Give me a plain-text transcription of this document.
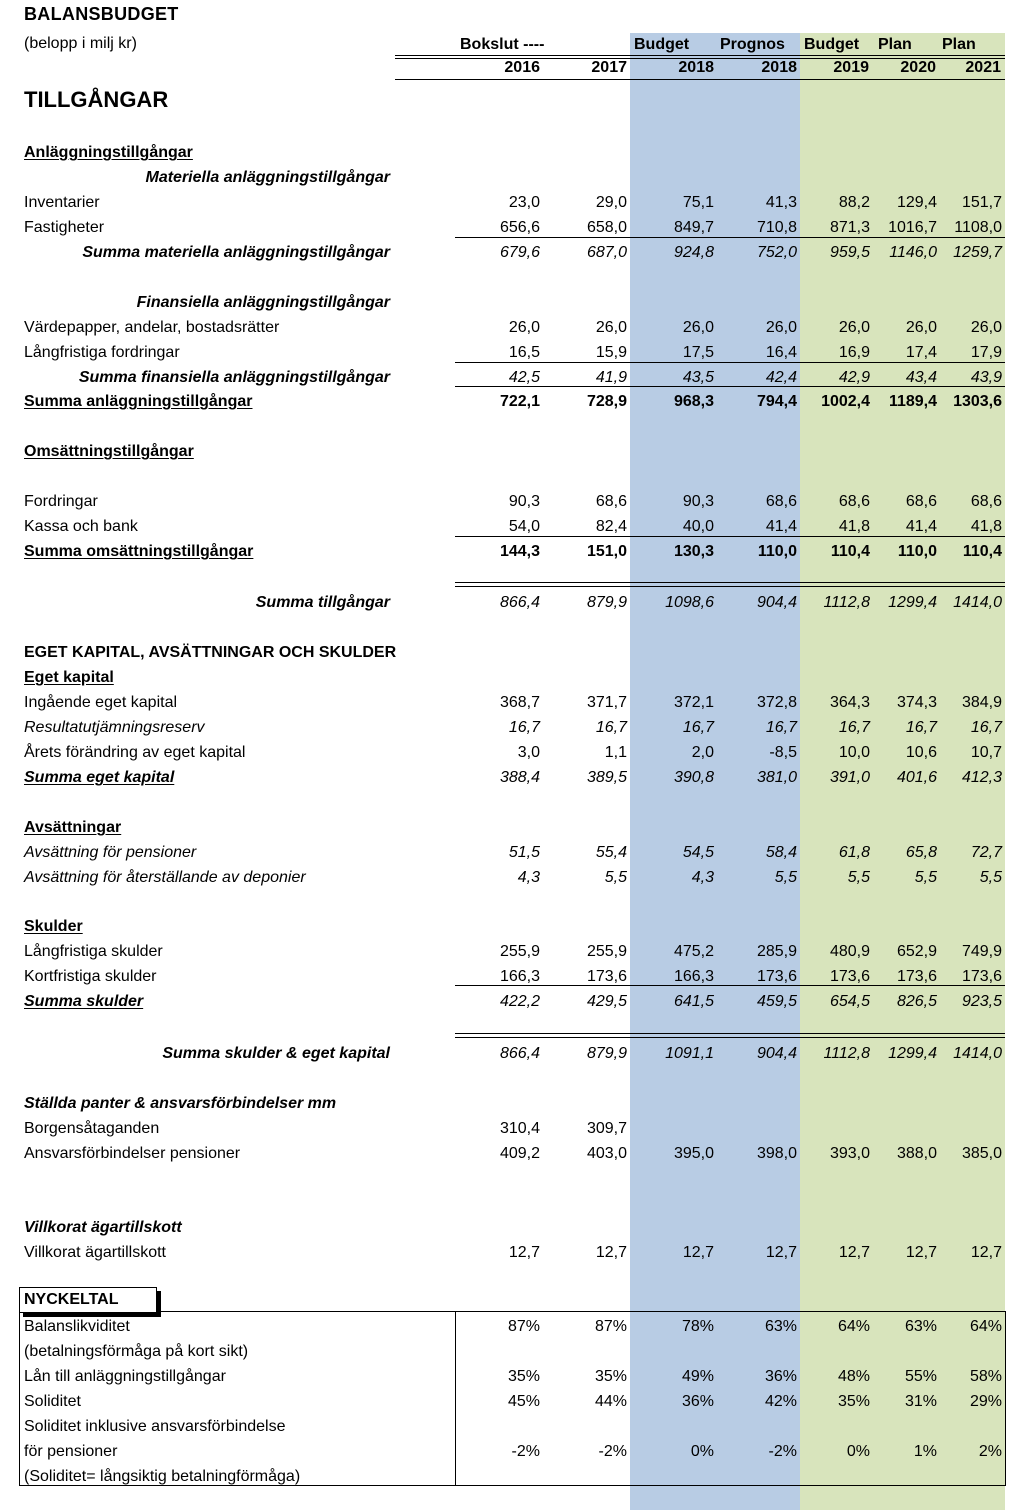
BALANSBUDGET
(belopp i milj kr)
TILLGÅNGAR
Bokslut ----	Budget Prognos Budget Plan Plan
2016	2017	2018	2018	2019	2020	2021
Anläggningstillgångar
Materiella anläggningstillgångar
Inventarier	23,0	29,0	75,1	41,3	88,2	129,4	151,7
Fastigheter	656,6	658,0	849,7	710,8	871,3	1016,7	1108,0
Summa materiella anläggningstillgångar	679,6	687,0	924,8	752,0	959,5	1146,0	1259,7
Finansiella anläggningstillgångar
Värdepapper, andelar, bostadsrätter	26,0	26,0	26,0	26,0	26,0	26,0	26,0
Långfristiga fordringar	16,5	15,9	17,5	16,4	16,9	17,4	17,9
Summa finansiella anläggningstillgångar	42,5	41,9	43,5	42,4	42,9	43,4	43,9
Summa anläggningstillgångar	722,1	728,9	968,3	794,4	1002,4	1189,4	1303,6
Omsättningstillgångar
Fordringar	90,3	68,6	90,3	68,6	68,6	68,6	68,6
Kassa och bank	54,0	82,4	40,0	41,4	41,8	41,4	41,8
Summa omsättningstillgångar	144,3	151,0	130,3	110,0	110,4	110,0	110,4
Summa tillgångar	866,4	879,9	1098,6	904,4	1112,8	1299,4	1414,0
EGET KAPITAL, AVSÄTTNINGAR OCH SKULDER
Eget kapital
Ingående eget kapital	368,7	371,7	372,1	372,8	364,3	374,3	384,9
Resultatutjämningsreserv	16,7	16,7	16,7	16,7	16,7	16,7	16,7
Årets förändring av eget kapital	3,0	1,1	2,0	-8,5	10,0	10,6	10,7
Summa eget kapital	388,4	389,5	390,8	381,0	391,0	401,6	412,3
Avsättningar
Avsättning för pensioner	51,5	55,4	54,5	58,4	61,8	65,8	72,7
Avsättning för återställande av deponier	4,3	5,5	4,3	5,5	5,5	5,5	5,5
Skulder
Långfristiga skulder	255,9	255,9	475,2	285,9	480,9	652,9	749,9
Kortfristiga skulder	166,3	173,6	166,3	173,6	173,6	173,6	173,6
Summa skulder	422,2	429,5	641,5	459,5	654,5	826,5	923,5
Summa skulder & eget kapital	866,4	879,9	1091,1	904,4	1112,8	1299,4	1414,0
Ställda panter & ansvarsförbindelser mm
Borgensåtaganden	310,4	309,7
Ansvarsförbindelser pensioner	409,2	403,0	395,0	398,0	393,0	388,0	385,0
Villkorat ägartillskott
Villkorat ägartillskott	12,7	12,7	12,7	12,7	12,7	12,7	12,7
NYCKELTAL
Balanslikviditet	87%	87%	78%	63%	64%	63%	64%
(betalningsförmåga på kort sikt)
Lån till anläggningstillgångar	35%	35%	49%	36%	48%	55%	58%
Soliditet	45%	44%	36%	42%	35%	31%	29%
Soliditet inklusive ansvarsförbindelse
för pensioner	-2%	-2%	0%	-2%	0%	1%	2%
(Soliditet= långsiktig betalningförmåga)
